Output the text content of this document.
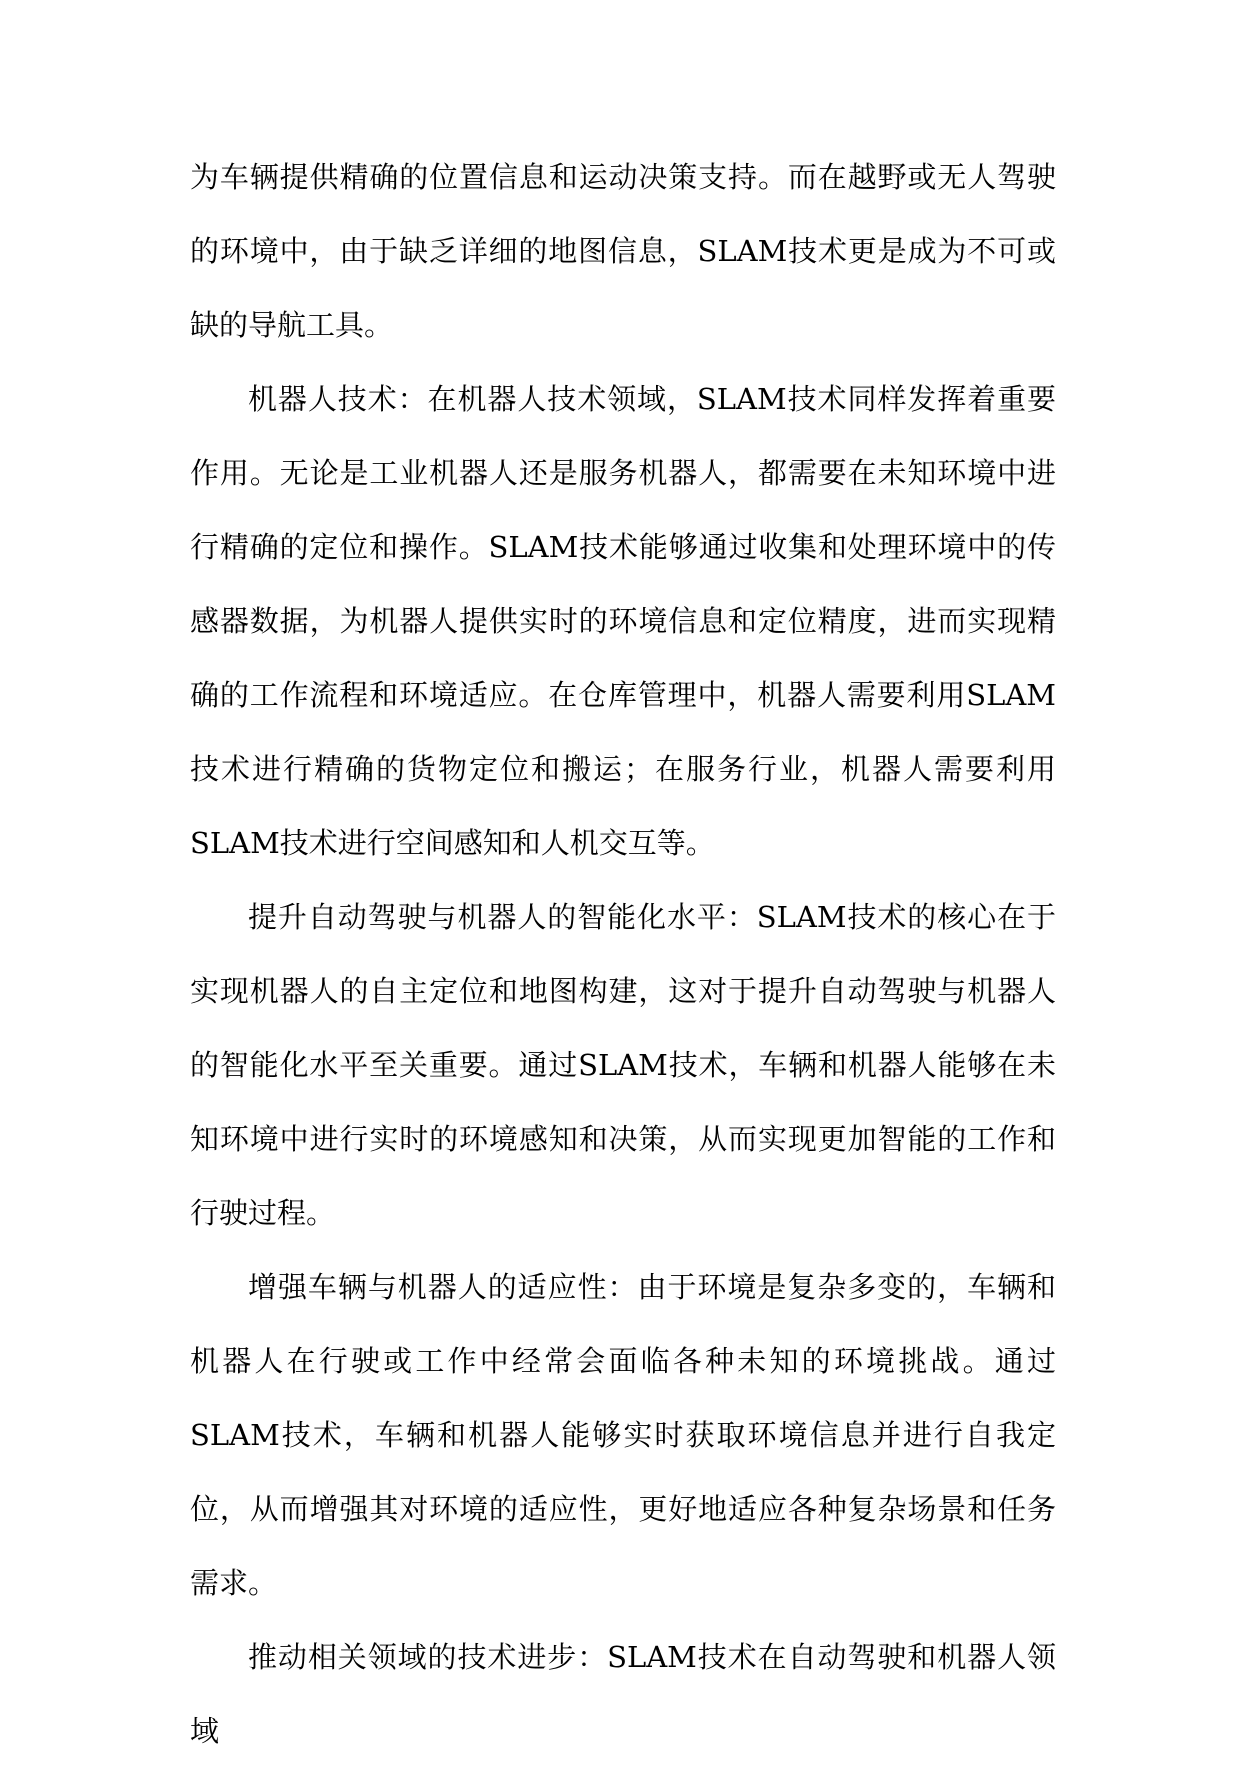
为车辆提供精确的位置信息和运动决策支持。而在越野或无人驾驶的环境中，由于缺乏详细的地图信息，SLAM技术更是成为不可或缺的导航工具。

机器人技术：在机器人技术领域，SLAM技术同样发挥着重要作用。无论是工业机器人还是服务机器人，都需要在未知环境中进行精确的定位和操作。SLAM技术能够通过收集和处理环境中的传感器数据，为机器人提供实时的环境信息和定位精度，进而实现精确的工作流程和环境适应。在仓库管理中，机器人需要利用SLAM技术进行精确的货物定位和搬运；在服务行业，机器人需要利用SLAM技术进行空间感知和人机交互等。

提升自动驾驶与机器人的智能化水平：SLAM技术的核心在于实现机器人的自主定位和地图构建，这对于提升自动驾驶与机器人的智能化水平至关重要。通过SLAM技术，车辆和机器人能够在未知环境中进行实时的环境感知和决策，从而实现更加智能的工作和行驶过程。

增强车辆与机器人的适应性：由于环境是复杂多变的，车辆和机器人在行驶或工作中经常会面临各种未知的环境挑战。通过SLAM技术，车辆和机器人能够实时获取环境信息并进行自我定位，从而增强其对环境的适应性，更好地适应各种复杂场景和任务需求。

推动相关领域的技术进步：SLAM技术在自动驾驶和机器人领域
